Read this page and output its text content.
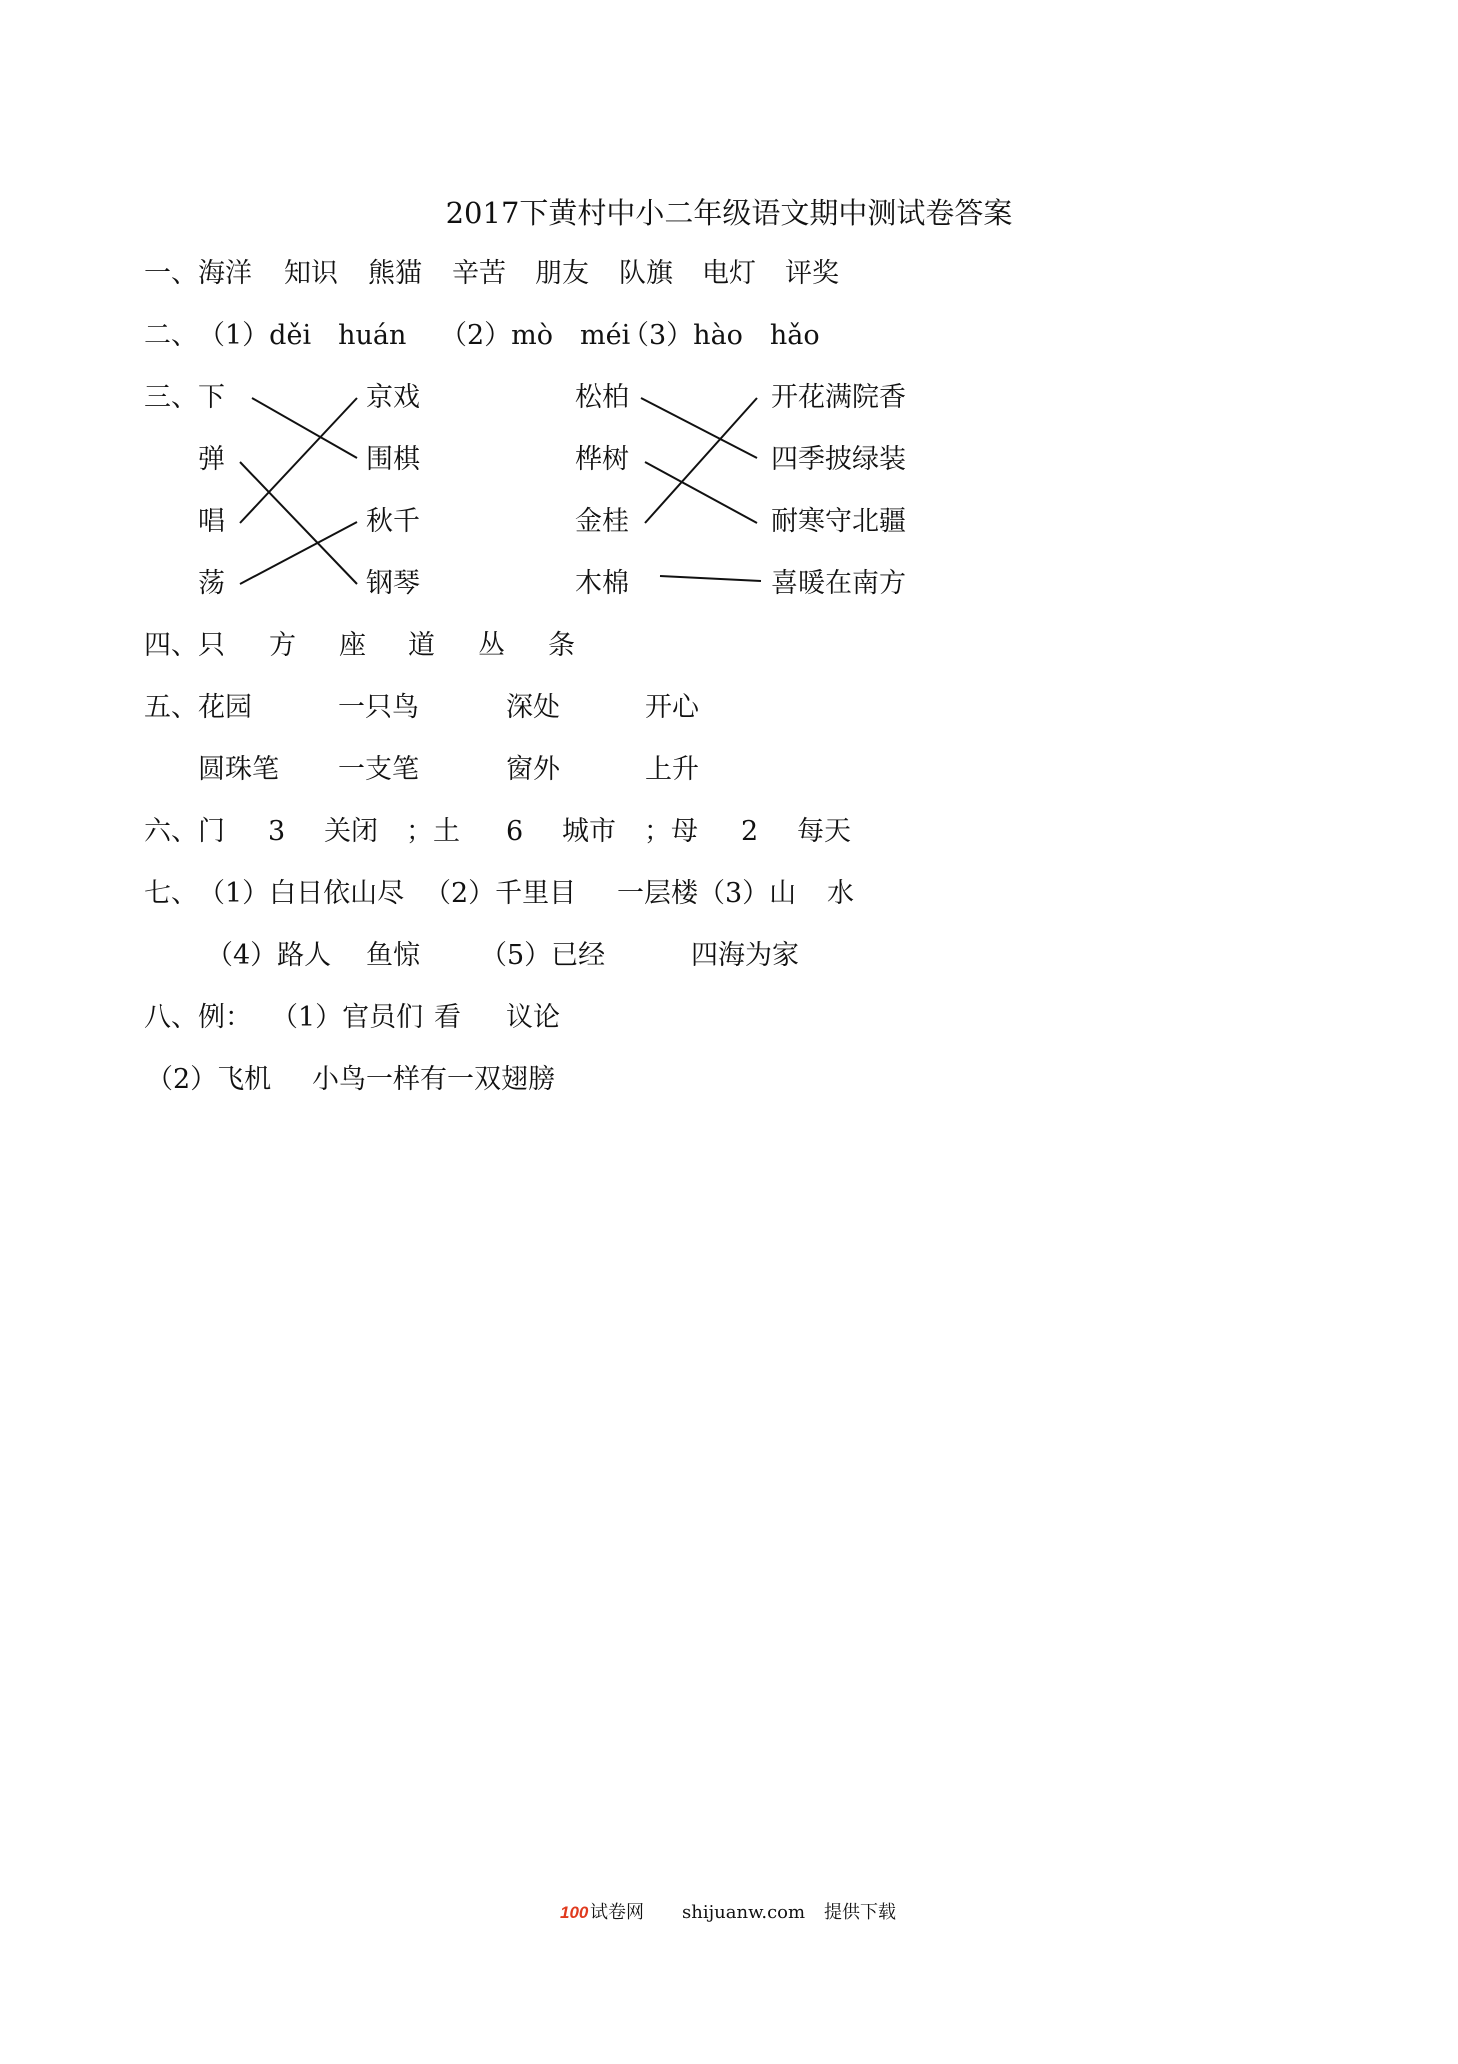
2017下黄村中小二年级语文期中测试卷答案
一、 海洋 知识 熊猫 辛苦 朋友 队旗 电灯 评奖
二、 （1）děi　huán （2）mò　méi
（3）hào　hǎo
三、 下
弹
唱
荡
京戏
围棋
秋千
钢琴
松柏
桦树
金桂
木棉
开花满院香
四季披绿装
耐寒守北疆
喜暖在南方
四、 只 方 座 道 丛 条
五、 花园	一只鸟	深处	开心
圆珠笔 一支笔	窗外	上升
六、 门 3 关闭 ；土 6 城市 ；母 2 每天
七、 （1）白日依山尽 （2）千里目 一层楼（3）山 水
（4）路人 鱼惊 （5）已经	四海为家
八、例： （1）官员们 看 议论
（2）飞机 小鸟一样有一双翅膀
100 试卷网 shijuanw.com 提供下载
